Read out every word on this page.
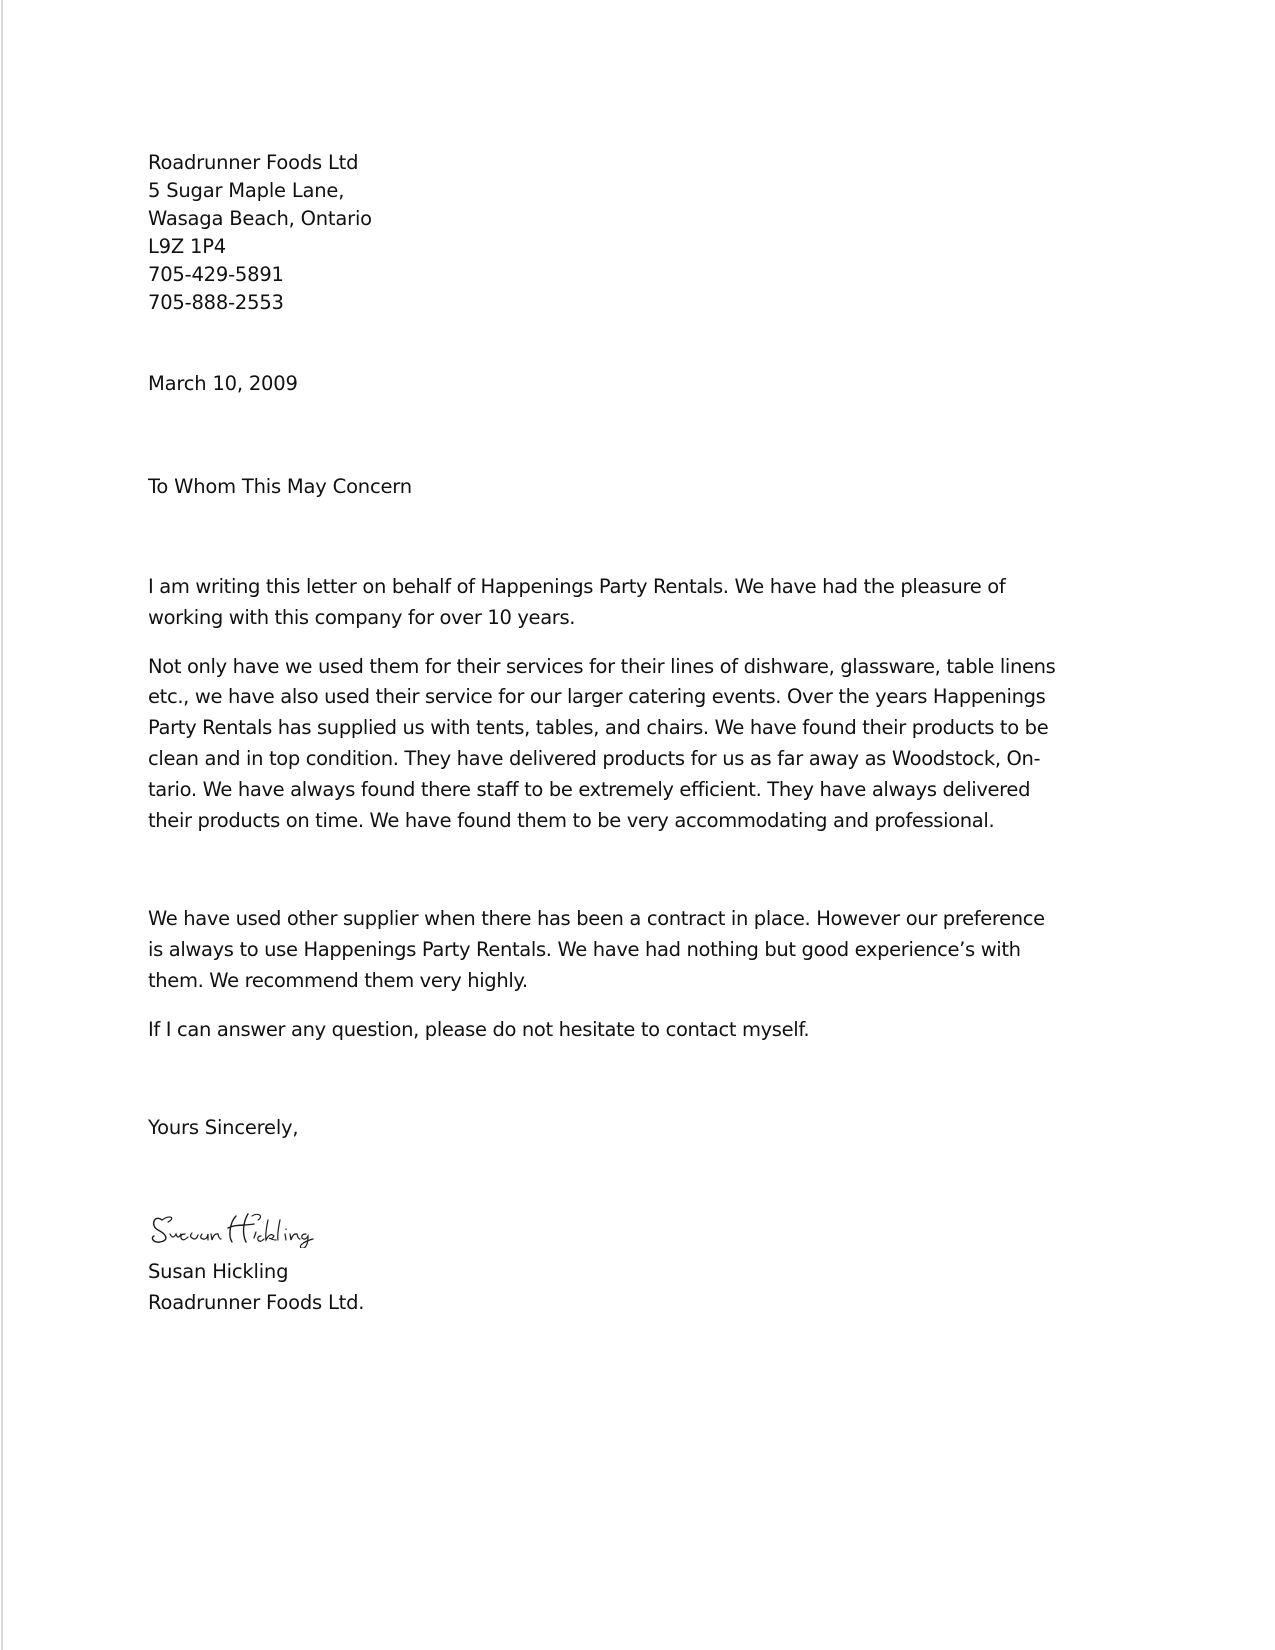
Roadrunner Foods Ltd
5 Sugar Maple Lane,
Wasaga Beach, Ontario
L9Z 1P4
705-429-5891
705-888-2553
March 10, 2009
To Whom This May Concern
I am writing this letter on behalf of Happenings Party Rentals. We have had the pleasure of
working with this company for over 10 years.
Not only have we used them for their services for their lines of dishware, glassware, table linens
etc., we have also used their service for our larger catering events. Over the years Happenings
Party Rentals has supplied us with tents, tables, and chairs. We have found their products to be
clean and in top condition. They have delivered products for us as far away as Woodstock, On-
tario. We have always found there staff to be extremely efficient. They have always delivered
their products on time. We have found them to be very accommodating and professional.
We have used other supplier when there has been a contract in place. However our preference
is always to use Happenings Party Rentals. We have had nothing but good experience’s with
them. We recommend them very highly.
If I can answer any question, please do not hesitate to contact myself.
Yours Sincerely,
Susan Hickling
Roadrunner Foods Ltd.
